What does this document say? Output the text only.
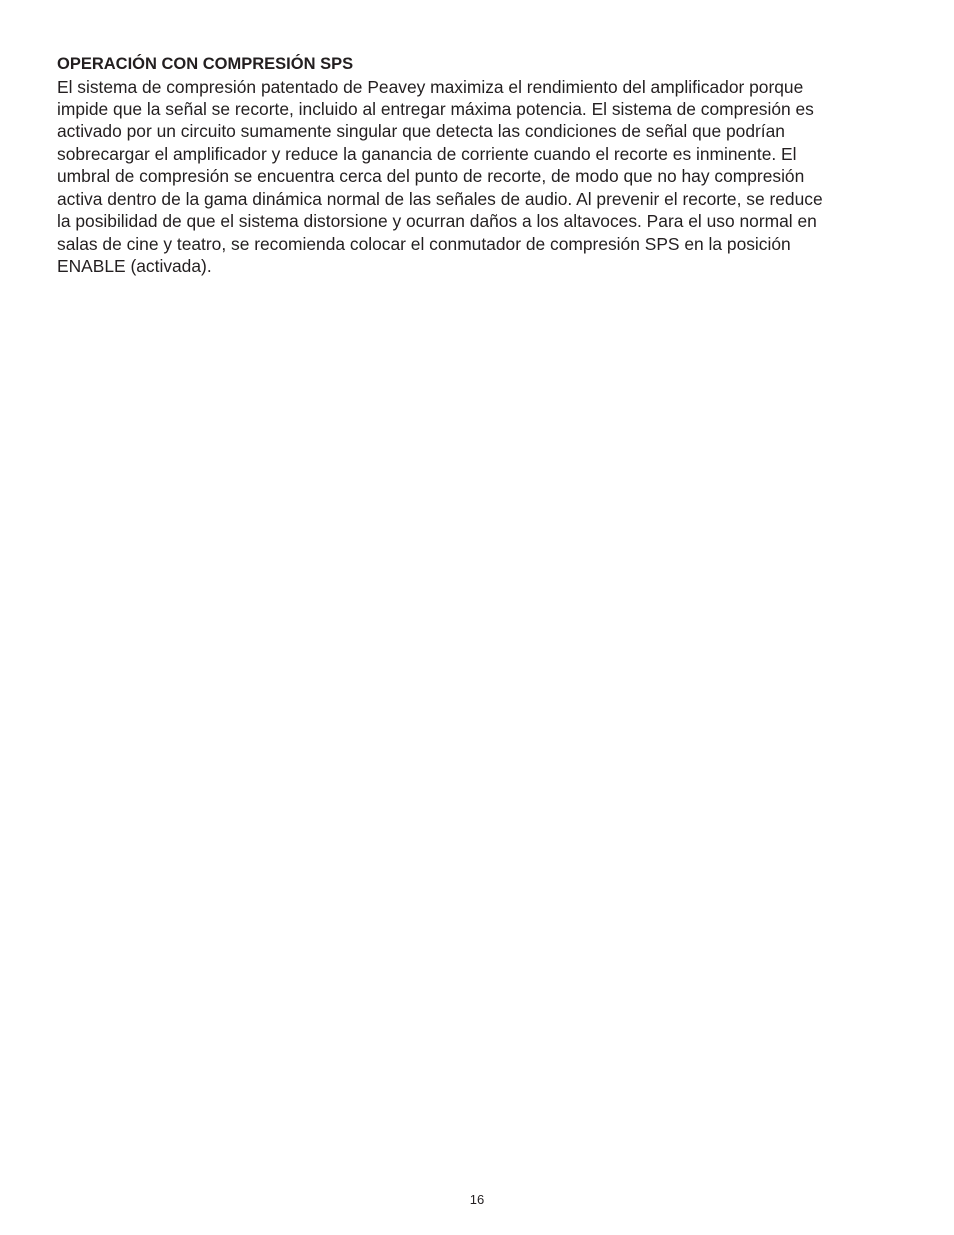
OPERACIÓN CON COMPRESIÓN SPS

El sistema de compresión patentado de Peavey maximiza el rendimiento del amplificador porque
impide que la señal se recorte, incluido al entregar máxima potencia. El sistema de compresión es
activado por un circuito sumamente singular que detecta las condiciones de señal que podrían
sobrecargar el amplificador y reduce la ganancia de corriente cuando el recorte es inminente. El
umbral de compresión se encuentra cerca del punto de recorte, de modo que no hay compresión
activa dentro de la gama dinámica normal de las señales de audio. Al prevenir el recorte, se reduce
la posibilidad de que el sistema distorsione y ocurran daños a los altavoces. Para el uso normal en
salas de cine y teatro, se recomienda colocar el conmutador de compresión SPS en la posición
ENABLE (activada).

16
